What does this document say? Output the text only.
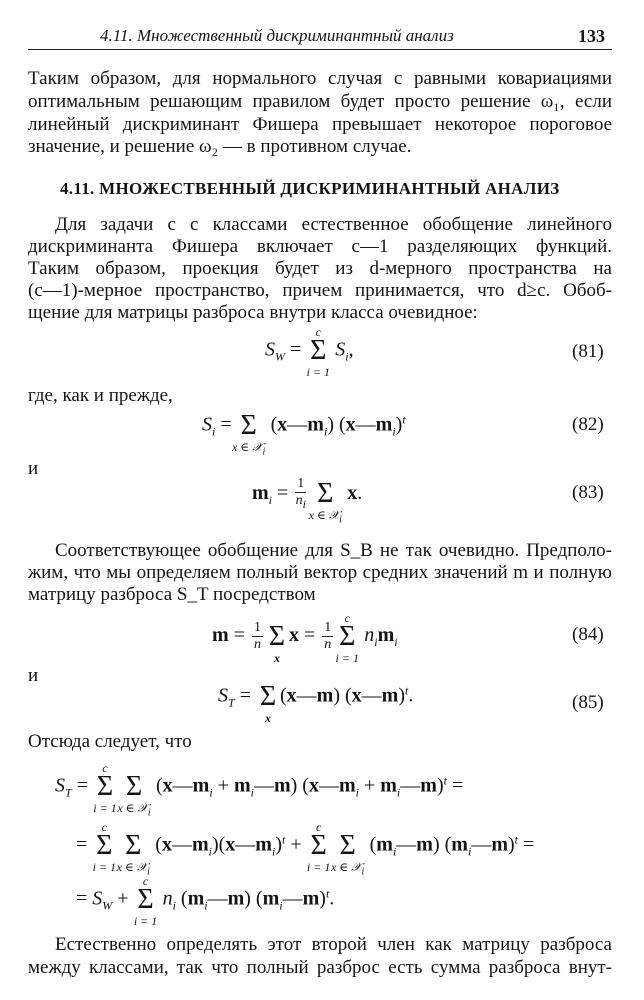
4.11. Множественный дискриминантный анализ	133
Таким образом, для нормального случая с равными ковариациями
оптимальным решающим правилом будет просто решение ω₁, если
линейный дискриминант Фишера превышает некоторое пороговое
значение, и решение ω₂ — в противном случае.
4.11. МНОЖЕСТВЕННЫЙ ДИСКРИМИНАНТНЫЙ АНАЛИЗ
Для задачи с c классами естественное обобщение линейного
дискриминанта Фишера включает c—1 разделяющих функций.
Таким образом, проекция будет из d-мерного пространства на
(c—1)-мерное пространство, причем принимается, что d≥c. Обоб-
щение для матрицы разброса внутри класса очевидное:
$S_W$ =
c
Σ
i = 1
$S_i$,	(81)
где, как и прежде,
$S_i = \Sigma$
x ∈ 𝒳$_i$
$(x—m_i)$ $(x—m_i)^t$	(82)
и
$m_i = \frac{1}{n_i}$
Σ
x ∈ 𝒳$_i$
x.	(83)
Соответствующее обобщение для S_B не так очевидно. Предполо-
жим, что мы определяем полный вектор средних значений m и полную
матрицу разброса S_T посредством
$m = \frac{1}{n}$ Σ
x
$x = \frac{1}{n}$
c
Σ
i = 1
$n_im_i$	(84)
и
$S_T = \Sigma$
x
(x—m) (x—m)$^t$.	(85)
Отсюда следует, что
$S_T$ =
c
Σ
i = 1

Σ
x ∈ 𝒳$_i$
($x—m_i$ + $m_i—m$) ($x—m_i$ + $m_i—m)^t$ =
=
c
Σ
i = 1

Σ
x ∈ 𝒳$_i$
$(x—m_i)(x—m_i)^t$ +
c
Σ
i = 1

Σ
x ∈ 𝒳$_i$
$(m_i—m)$ $(m_i—m)^t$ =
= $S_W$ +
c
Σ
i = 1
$n_i$ $(m_i—m)$ $(m_i—m)^t$.
Естественно определять этот второй член как матрицу разброса
между классами, так что полный разброс есть сумма разброса внут-
